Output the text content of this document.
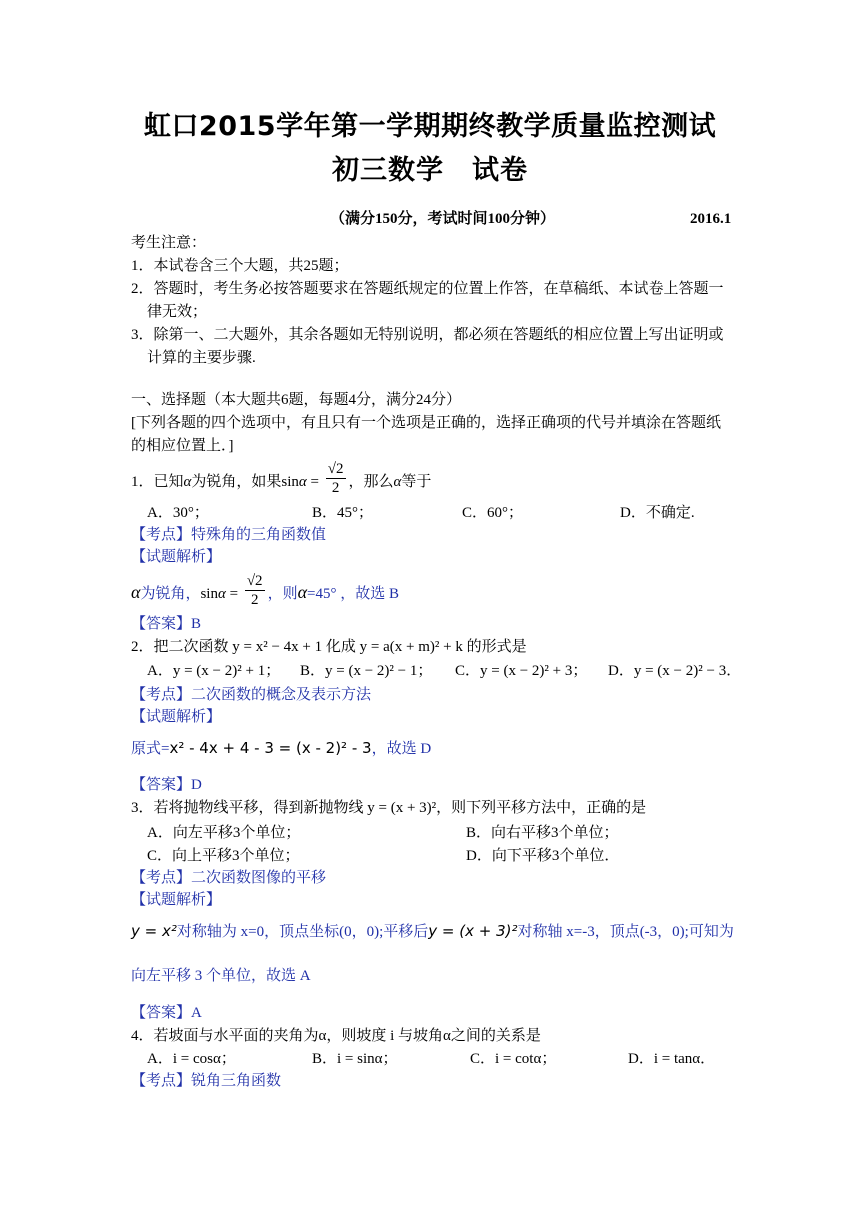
虹口2015学年第一学期期终教学质量监控测试
初三数学　试卷
（满分150分，考试时间100分钟）	2016.1
考生注意：
1．本试卷含三个大题，共25题；
2．答题时，考生务必按答题要求在答题纸规定的位置上作答，在草稿纸、本试卷上答题一
律无效；
3．除第一、二大题外，其余各题如无特别说明，都必须在答题纸的相应位置上写出证明或
计算的主要步骤.
一、选择题（本大题共6题，每题4分，满分24分）
[下列各题的四个选项中，有且只有一个选项是正确的，选择正确项的代号并填涂在答题纸
的相应位置上．]
1．已知α为锐角，如果$\sin\alpha = \frac{√2}{2}$ ，那么α等于
A．30°；	B．45°；	C．60°；	D．不确定.
【考点】特殊角的三角函数值
【试题解析】
α为锐角，$\sin\alpha = \frac{√2}{2}$ ，则α=45° ，故选 B
【答案】B
2．把二次函数 y = x² − 4x + 1 化成 y = a(x + m)² + k 的形式是
A．y = (x − 2)² + 1； B．y = (x − 2)² − 1； C．y = (x − 2)² + 3； D．y = (x − 2)² − 3．
【考点】二次函数的概念及表示方法
【试题解析】
原式=x² - 4x + 4 - 3 = (x - 2)² - 3，故选 D
【答案】D
3．若将抛物线平移，得到新抛物线 y = (x + 3)²，则下列平移方法中，正确的是
A．向左平移3个单位；	B．向右平移3个单位；
C．向上平移3个单位；	D．向下平移3个单位．
【考点】二次函数图像的平移
【试题解析】
y = x²对称轴为 x=0，顶点坐标(0，0);平移后y = (x + 3)²对称轴 x=-3，顶点(-3，0);可知为
向左平移 3 个单位，故选 A
【答案】A
4．若坡面与水平面的夹角为α，则坡度 i 与坡角α之间的关系是
A．i = cosα；	B．i = sinα；	C．i = cotα；	D．i = tanα．
【考点】锐角三角函数
